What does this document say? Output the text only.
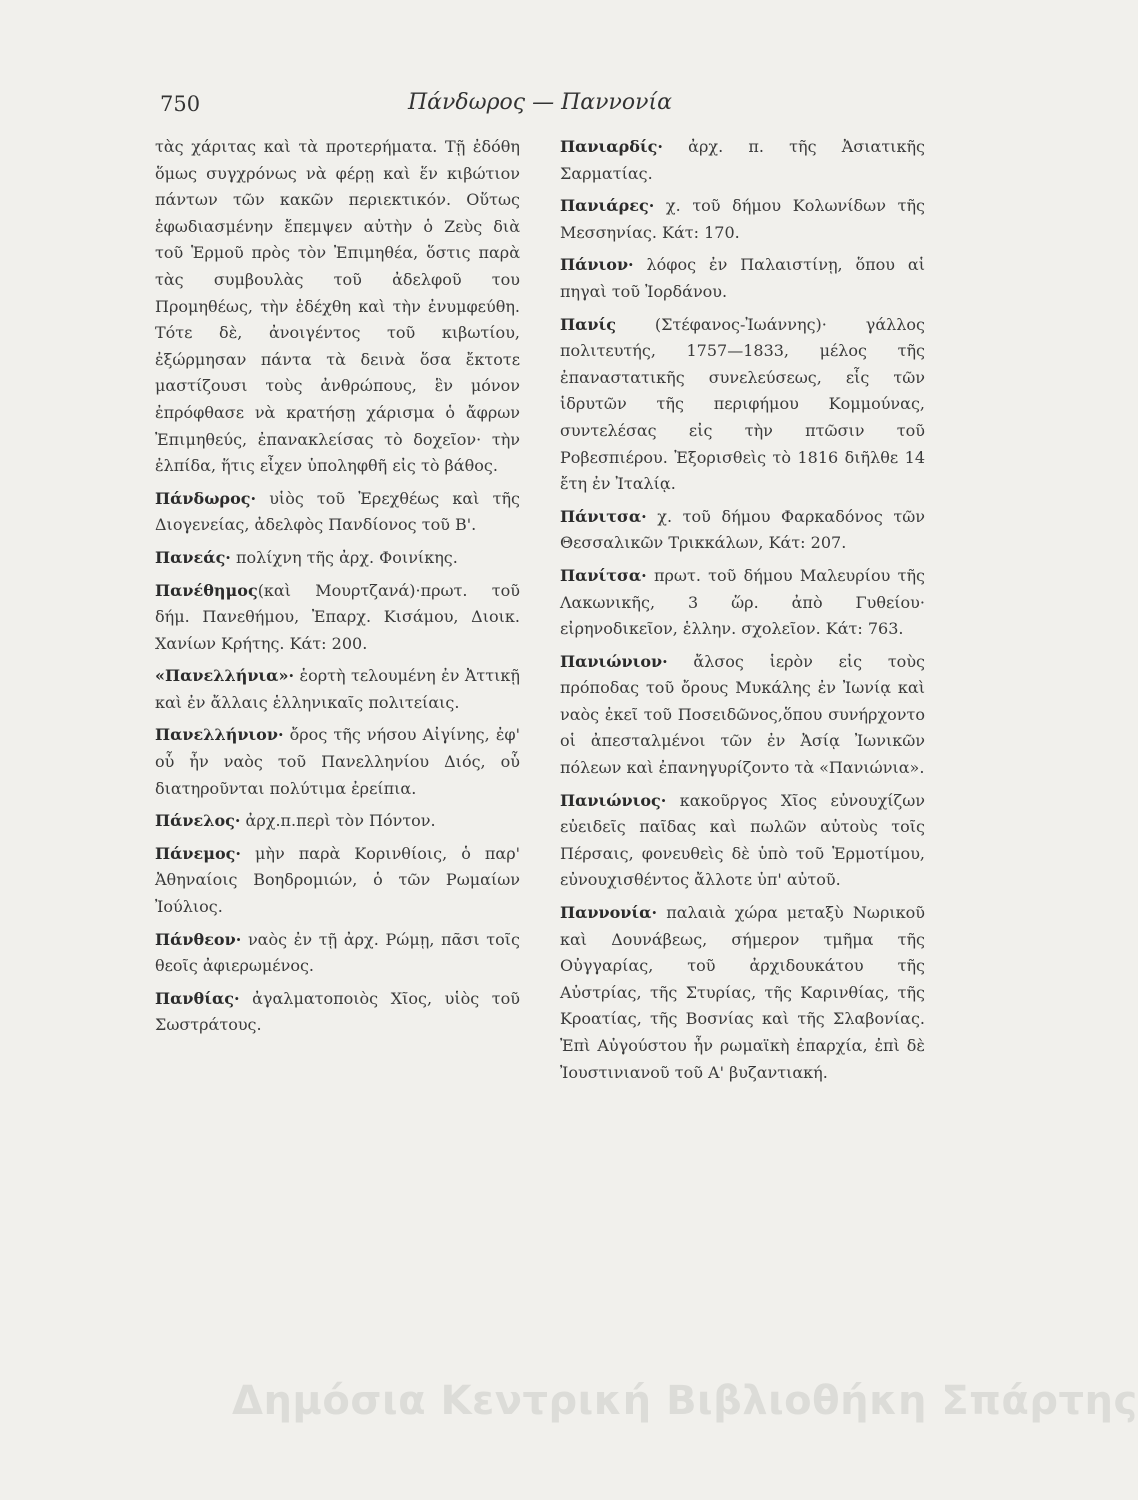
750	Πάνδωρος — Παννονία

τὰς χάριτας καὶ τὰ προτερήματα. Τῇ ἐδόθη ὅμως συγχρόνως νὰ φέρῃ καὶ ἕν κιβώτιον πάντων τῶν κακῶν περιεκτικόν. Οὕτως ἐφωδιασμένην ἔπεμψεν αὐτὴν ὁ Ζεὺς διὰ τοῦ Ἑρμοῦ πρὸς τὸν Ἐπιμηθέα, ὅστις παρὰ τὰς συμβουλὰς τοῦ ἀδελφοῦ του Προμηθέως, τὴν ἐδέχθη καὶ τὴν ἐνυμφεύθη. Τότε δὲ, ἀνοιγέντος τοῦ κιβωτίου, ἐξώρμησαν πάντα τὰ δεινὰ ὅσα ἔκτοτε μαστίζουσι τοὺς ἀνθρώπους, ἓν μόνον ἐπρόφθασε νὰ κρατήσῃ χάρισμα ὁ ἄφρων Ἐπιμηθεύς, ἐπανακλείσας τὸ δοχεῖον· τὴν ἐλπίδα, ἥτις εἶχεν ὑποληφθῆ εἰς τὸ βάθος.

Πάνδωρος· υἱὸς τοῦ Ἐρεχθέως καὶ τῆς Διογενείας, ἀδελφὸς Πανδίονος τοῦ Β'.

Πανεάς· πολίχνη τῆς ἀρχ. Φοινίκης.

Πανέθημος(καὶ Μουρτζανά)·πρωτ. τοῦ δήμ. Πανεθήμου, Ἐπαρχ. Κισάμου, Διοικ. Χανίων Κρήτης. Κάτ: 200.

«Πανελλήνια»· ἑορτὴ τελουμένη ἐν Ἀττικῇ καὶ ἐν ἄλλαις ἑλληνικαῖς πολιτείαις.

Πανελλήνιον· ὄρος τῆς νήσου Αἰγίνης, ἐφ' οὗ ἦν ναὸς τοῦ Πανελληνίου Διός, οὗ διατηροῦνται πολύτιμα ἐρείπια.

Πάνελος· ἀρχ.π.περὶ τὸν Πόντον.

Πάνεμος· μὴν παρὰ Κορινθίοις, ὁ παρ' Ἀθηναίοις Βοηδρομιών, ὁ τῶν Ρωμαίων Ἰούλιος.

Πάνθεον· ναὸς ἐν τῇ ἀρχ. Ρώμῃ, πᾶσι τοῖς θεοῖς ἀφιερωμένος.

Πανθίας· ἀγαλματοποιὸς Χῖος, υἱὸς τοῦ Σωστράτους.

Πανιαρδίς· ἀρχ. π. τῆς Ἀσιατικῆς Σαρματίας.

Πανιάρες· χ. τοῦ δήμου Κολωνίδων τῆς Μεσσηνίας. Κάτ: 170.

Πάνιον· λόφος ἐν Παλαιστίνῃ, ὅπου αἱ πηγαὶ τοῦ Ἰορδάνου.

Πανίς (Στέφανος-Ἰωάννης)· γάλλος πολιτευτής, 1757—1833, μέλος τῆς ἐπαναστατικῆς συνελεύσεως, εἷς τῶν ἱδρυτῶν τῆς περιφήμου Κομμούνας, συντελέσας εἰς τὴν πτῶσιν τοῦ Ροβεσπιέρου. Ἐξορισθεὶς τὸ 1816 διῆλθε 14 ἔτη ἐν Ἰταλίᾳ.

Πάνιτσα· χ. τοῦ δήμου Φαρκαδόνος τῶν Θεσσαλικῶν Τρικκάλων, Κάτ: 207.

Πανίτσα· πρωτ. τοῦ δήμου Μαλευρίου τῆς Λακωνικῆς, 3 ὥρ. ἀπὸ Γυθείου· εἰρηνοδικεῖον, ἑλλην. σχολεῖον. Κάτ: 763.

Πανιώνιον· ἄλσος ἱερὸν εἰς τοὺς πρόποδας τοῦ ὄρους Μυκάλης ἐν Ἰωνίᾳ καὶ ναὸς ἐκεῖ τοῦ Ποσειδῶνος,ὅπου συνήρχοντο οἱ ἀπεσταλμένοι τῶν ἐν Ἀσίᾳ Ἰωνικῶν πόλεων καὶ ἐπανηγυρίζοντο τὰ «Πανιώνια».

Πανιώνιος· κακοῦργος Χῖος εὐνουχίζων εὐειδεῖς παῖδας καὶ πωλῶν αὐτοὺς τοῖς Πέρσαις, φονευθεὶς δὲ ὑπὸ τοῦ Ἑρμοτίμου, εὐνουχισθέντος ἄλλοτε ὑπ' αὐτοῦ.

Παννονία· παλαιὰ χώρα μεταξὺ Νωρικοῦ καὶ Δουνάβεως, σήμερον τμῆμα τῆς Οὐγγαρίας, τοῦ ἀρχιδουκάτου τῆς Αὐστρίας, τῆς Στυρίας, τῆς Καρινθίας, τῆς Κροατίας, τῆς Βοσνίας καὶ τῆς Σλαβονίας. Ἐπὶ Αὐγούστου ἦν ρωμαϊκὴ ἐπαρχία, ἐπὶ δὲ Ἰουστινιανοῦ τοῦ Α' βυζαντιακή.

Δημόσια Κεντρική Βιβλιοθήκη Σπάρτης
